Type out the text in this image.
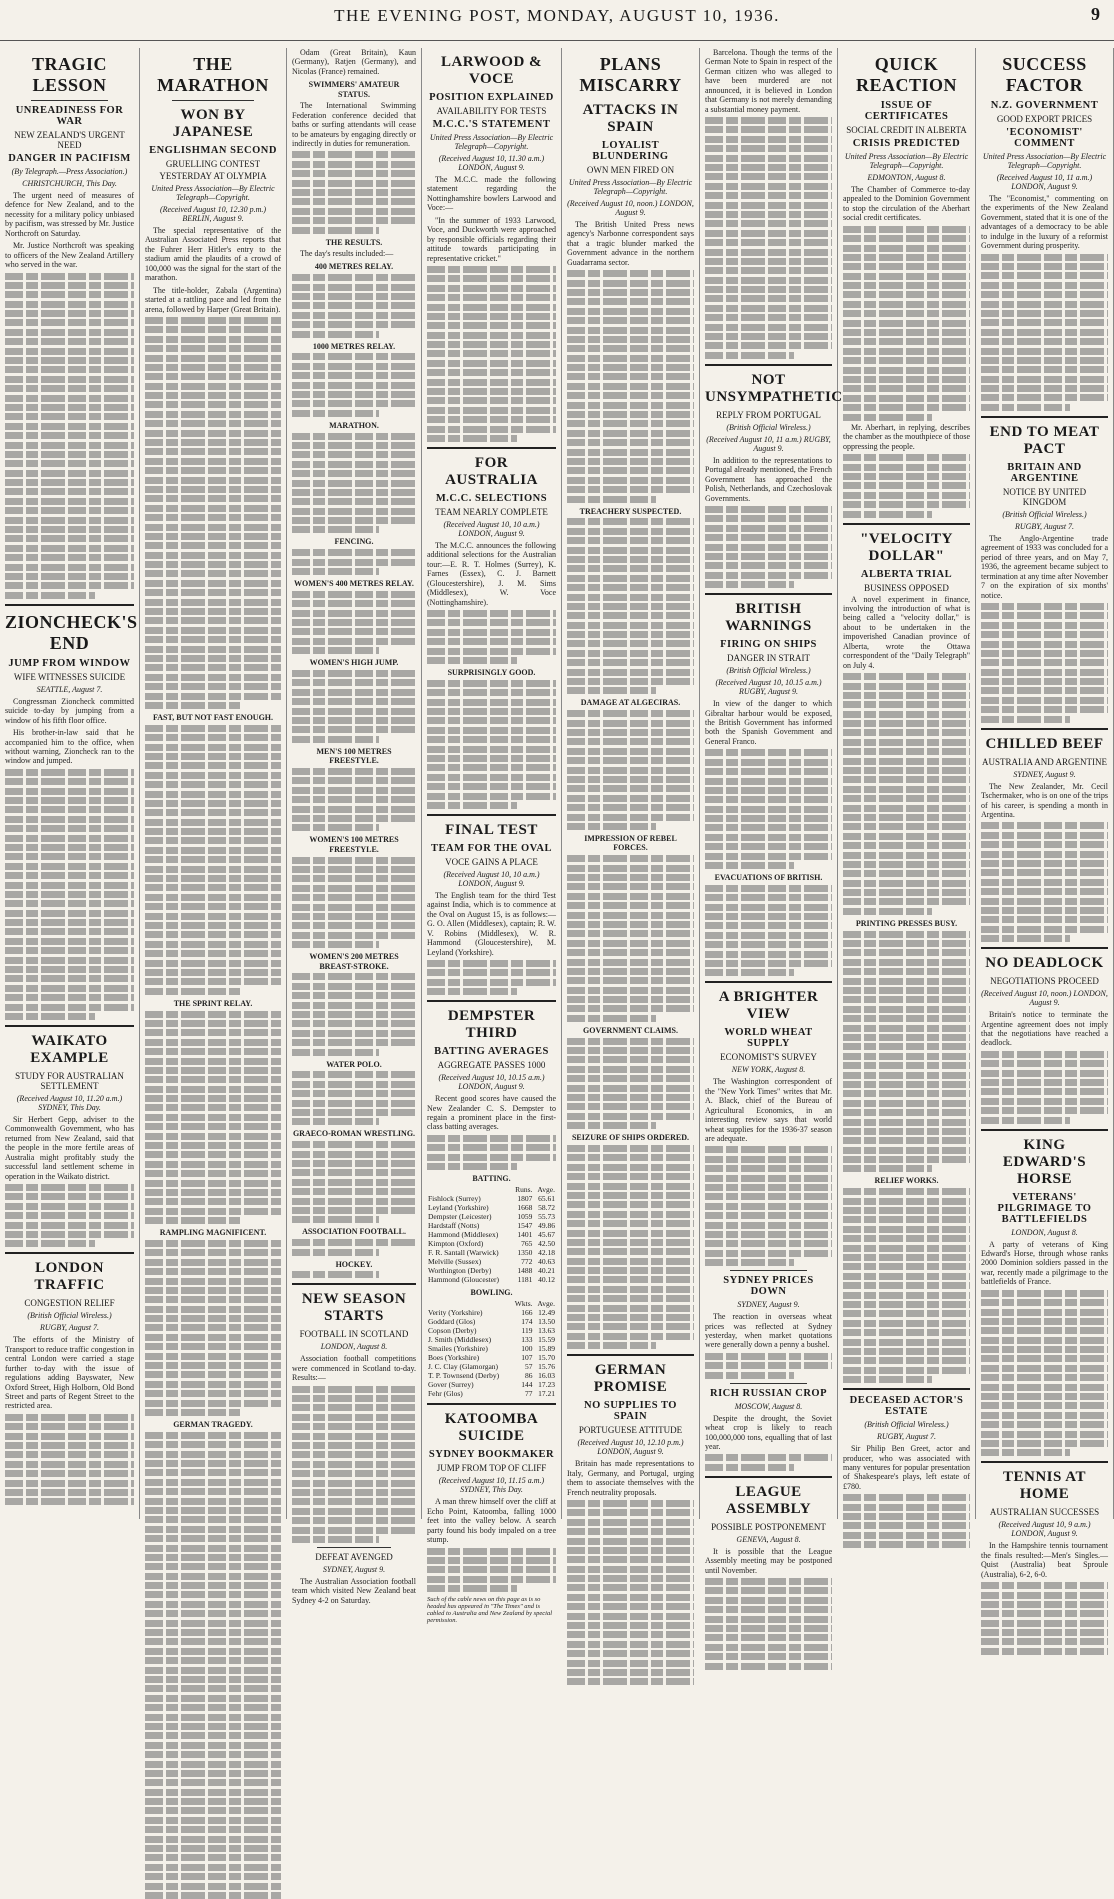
THE EVENING POST, MONDAY, AUGUST 10, 1936.	9
TRAGIC LESSON
UNREADINESS FOR WAR
NEW ZEALAND'S URGENT NEED
DANGER IN PACIFISM
(By Telegraph.—Press Association.)
CHRISTCHURCH, This Day.

The urgent need of measures of defence for New Zealand, and to the necessity for a military policy unbiased by pacifism, was stressed by Mr. Justice Northcroft on Saturday.

Mr. Justice Northcroft was speaking to officers of the New Zealand Artillery who served in the war.

ZIONCHECK'S END
JUMP FROM WINDOW
WIFE WITNESSES SUICIDE
SEATTLE, August 7.

Congressman Zioncheck committed suicide to-day by jumping from a window of his fifth floor office.

His brother-in-law said that he accompanied him to the office, when without warning, Zioncheck ran to the window and jumped.

WAIKATO EXAMPLE
STUDY FOR AUSTRALIAN SETTLEMENT
(Received August 10, 11.20 a.m.) SYDNEY, This Day.

Sir Herbert Gepp, adviser to the Commonwealth Government, who has returned from New Zealand, said that the people in the more fertile areas of Australia might profitably study the successful land settlement scheme in operation in the Waikato district.

LONDON TRAFFIC
CONGESTION RELIEF
(British Official Wireless.)
RUGBY, August 7.

The efforts of the Ministry of Transport to reduce traffic congestion in central London were carried a stage further to-day with the issue of regulations adding Bayswater, New Oxford Street, High Holborn, Old Bond Street and parts of Regent Street to the restricted area.

THE MARATHON
WON BY JAPANESE
ENGLISHMAN SECOND
GRUELLING CONTEST
YESTERDAY AT OLYMPIA
United Press Association—By Electric Telegraph—Copyright.
(Received August 10, 12.30 p.m.) BERLIN, August 9.

The special representative of the Australian Associated Press reports that the Fuhrer Herr Hitler's entry to the stadium amid the plaudits of a crowd of 100,000 was the signal for the start of the marathon.

The title-holder, Zabala (Argentina) started at a rattling pace and led from the arena, followed by Harper (Great Britain).

FAST, BUT NOT FAST ENOUGH.
THE SPRINT RELAY.
RAMPLING MAGNIFICENT.
GERMAN TRAGEDY.

Odam (Great Britain), Kaun (Germany), Ratjen (Germany), and Nicolas (France) remained.

SWIMMERS' AMATEUR STATUS.

The International Swimming Federation conference decided that baths or surfing attendants will cease to be amateurs by engaging directly or indirectly in duties for remuneration.

THE RESULTS.

The day's results included:—

400 METRES RELAY.
1000 METRES RELAY.
MARATHON.
FENCING.
WOMEN'S 400 METRES RELAY.
WOMEN'S HIGH JUMP.
MEN'S 100 METRES FREESTYLE.
WOMEN'S 100 METRES FREESTYLE.
WOMEN'S 200 METRES BREAST-STROKE.
WATER POLO.
GRAECO-ROMAN WRESTLING.
ASSOCIATION FOOTBALL.
HOCKEY.
NEW SEASON STARTS
FOOTBALL IN SCOTLAND
LONDON, August 8.

Association football competitions were commenced in Scotland to-day. Results:—

DEFEAT AVENGED
SYDNEY, August 9.

The Australian Association football team which visited New Zealand beat Sydney 4-2 on Saturday.

LARWOOD & VOCE
POSITION EXPLAINED
AVAILABILITY FOR TESTS
M.C.C.'S STATEMENT
United Press Association—By Electric Telegraph—Copyright.
(Received August 10, 11.30 a.m.) LONDON, August 9.

The M.C.C. made the following statement regarding the Nottinghamshire bowlers Larwood and Voce:—

"In the summer of 1933 Larwood, Voce, and Duckworth were approached by responsible officials regarding their attitude towards participating in representative cricket."

FOR AUSTRALIA
M.C.C. SELECTIONS
TEAM NEARLY COMPLETE
(Received August 10, 10 a.m.) LONDON, August 9.

The M.C.C. announces the following additional selections for the Australian tour:—E. R. T. Holmes (Surrey), K. Farnes (Essex), C. J. Barnett (Gloucestershire), J. M. Sims (Middlesex), W. Voce (Nottinghamshire).

SURPRISINGLY GOOD.
FINAL TEST
TEAM FOR THE OVAL
VOCE GAINS A PLACE
(Received August 10, 10 a.m.) LONDON, August 9.

The English team for the third Test against India, which is to commence at the Oval on August 15, is as follows:—G. O. Allen (Middlesex), captain; R. W. V. Robins (Middlesex), W. R. Hammond (Gloucestershire), M. Leyland (Yorkshire).

DEMPSTER THIRD
BATTING AVERAGES
AGGREGATE PASSES 1000
(Received August 10, 10.15 a.m.) LONDON, August 9.

Recent good scores have caused the New Zealander C. S. Dempster to regain a prominent place in the first-class batting averages.

BATTING.
	Runs.	Avge.
Fishlock (Surrey)	1807	65.61
Leyland (Yorkshire)	1668	58.72
Dempster (Leicester)	1059	55.73
Hardstaff (Notts)	1547	49.86
Hammond (Middlesex)	1401	45.67
Kimpton (Oxford)	765	42.50
F. R. Santall (Warwick)	1350	42.18
Melville (Sussex)	772	40.63
Worthington (Derby)	1488	40.21
Hammond (Gloucester)	1181	40.12
BOWLING.
	Wkts.	Avge.
Verity (Yorkshire)	166	12.49
Goddard (Glos)	174	13.50
Copson (Derby)	119	13.63
J. Smith (Middlesex)	133	15.59
Smailes (Yorkshire)	100	15.89
Boes (Yorkshire)	107	15.70
J. C. Clay (Glamorgan)	57	15.76
T. P. Townsend (Derby)	86	16.03
Gover (Surrey)	144	17.23
Fehr (Glos)	77	17.21
KATOOMBA SUICIDE
SYDNEY BOOKMAKER
JUMP FROM TOP OF CLIFF
(Received August 10, 11.15 a.m.) SYDNEY, This Day.

A man threw himself over the cliff at Echo Point, Katoomba, falling 1000 feet into the valley below. A search party found his body impaled on a tree stump.

Such of the cable news on this page as is so headed has appeared in "The Times" and is cabled to Australia and New Zealand by special permission.
PLANS MISCARRY
ATTACKS IN SPAIN
LOYALIST BLUNDERING
OWN MEN FIRED ON
United Press Association—By Electric Telegraph—Copyright.
(Received August 10, noon.) LONDON, August 9.

The British United Press news agency's Narbonne correspondent says that a tragic blunder marked the Government advance in the northern Guadarrama sector.

TREACHERY SUSPECTED.
DAMAGE AT ALGECIRAS.
IMPRESSION OF REBEL FORCES.
GOVERNMENT CLAIMS.
SEIZURE OF SHIPS ORDERED.
GERMAN PROMISE
NO SUPPLIES TO SPAIN
PORTUGUESE ATTITUDE
(Received August 10, 12.10 p.m.) LONDON, August 9.

Britain has made representations to Italy, Germany, and Portugal, urging them to associate themselves with the French neutrality proposals.

Barcelona. Though the terms of the German Note to Spain in respect of the German citizen who was alleged to have been murdered are not announced, it is believed in London that Germany is not merely demanding a substantial money payment.

NOT UNSYMPATHETIC
REPLY FROM PORTUGAL
(British Official Wireless.)
(Received August 10, 11 a.m.) RUGBY, August 9.

In addition to the representations to Portugal already mentioned, the French Government has approached the Polish, Netherlands, and Czechoslovak Governments.

BRITISH WARNINGS
FIRING ON SHIPS
DANGER IN STRAIT
(British Official Wireless.)
(Received August 10, 10.15 a.m.) RUGBY, August 9.

In view of the danger to which Gibraltar harbour would be exposed, the British Government has informed both the Spanish Government and General Franco.

EVACUATIONS OF BRITISH.
A BRIGHTER VIEW
WORLD WHEAT SUPPLY
ECONOMIST'S SURVEY
NEW YORK, August 8.

The Washington correspondent of the "New York Times" writes that Mr. A. Black, chief of the Bureau of Agricultural Economics, in an interesting review says that world wheat supplies for the 1936-37 season are adequate.

SYDNEY PRICES DOWN
SYDNEY, August 9.

The reaction in overseas wheat prices was reflected at Sydney yesterday, when market quotations were generally down a penny a bushel.

RICH RUSSIAN CROP
MOSCOW, August 8.

Despite the drought, the Soviet wheat crop is likely to reach 100,000,000 tons, equalling that of last year.

LEAGUE ASSEMBLY
POSSIBLE POSTPONEMENT
GENEVA, August 8.

It is possible that the League Assembly meeting may be postponed until November.

QUICK REACTION
ISSUE OF CERTIFICATES
SOCIAL CREDIT IN ALBERTA
CRISIS PREDICTED
United Press Association—By Electric Telegraph—Copyright.
EDMONTON, August 8.

The Chamber of Commerce to-day appealed to the Dominion Government to stop the circulation of the Aberhart social credit certificates.

Mr. Aberhart, in replying, describes the chamber as the mouthpiece of those oppressing the people.

"VELOCITY DOLLAR"
ALBERTA TRIAL
BUSINESS OPPOSED

A novel experiment in finance, involving the introduction of what is being called a "velocity dollar," is about to be undertaken in the impoverished Canadian province of Alberta, wrote the Ottawa correspondent of the "Daily Telegraph" on July 4.

PRINTING PRESSES BUSY.
RELIEF WORKS.
DECEASED ACTOR'S ESTATE
(British Official Wireless.)
RUGBY, August 7.

Sir Philip Ben Greet, actor and producer, who was associated with many ventures for popular presentation of Shakespeare's plays, left estate of £780.

SUCCESS FACTOR
N.Z. GOVERNMENT
GOOD EXPORT PRICES
'ECONOMIST' COMMENT
United Press Association—By Electric Telegraph—Copyright.
(Received August 10, 11 a.m.) LONDON, August 9.

The "Economist," commenting on the experiments of the New Zealand Government, stated that it is one of the advantages of a democracy to be able to indulge in the luxury of a reformist Government during prosperity.

END TO MEAT PACT
BRITAIN AND ARGENTINE
NOTICE BY UNITED KINGDOM
(British Official Wireless.)
RUGBY, August 7.

The Anglo-Argentine trade agreement of 1933 was concluded for a period of three years, and on May 7, 1936, the agreement became subject to termination at any time after November 7 on the expiration of six months' notice.

CHILLED BEEF
AUSTRALIA AND ARGENTINE
SYDNEY, August 9.

The New Zealander, Mr. Cecil Tschermaker, who is on one of the trips of his career, is spending a month in Argentina.

NO DEADLOCK
NEGOTIATIONS PROCEED
(Received August 10, noon.) LONDON, August 9.

Britain's notice to terminate the Argentine agreement does not imply that the negotiations have reached a deadlock.

KING EDWARD'S HORSE
VETERANS' PILGRIMAGE TO BATTLEFIELDS
LONDON, August 8.

A party of veterans of King Edward's Horse, through whose ranks 2000 Dominion soldiers passed in the war, recently made a pilgrimage to the battlefields of France.

TENNIS AT HOME
AUSTRALIAN SUCCESSES
(Received August 10, 9 a.m.) LONDON, August 9.

In the Hampshire tennis tournament the finals resulted:—Men's Singles.—Quist (Australia) beat Sproule (Australia), 6-2, 6-0.
